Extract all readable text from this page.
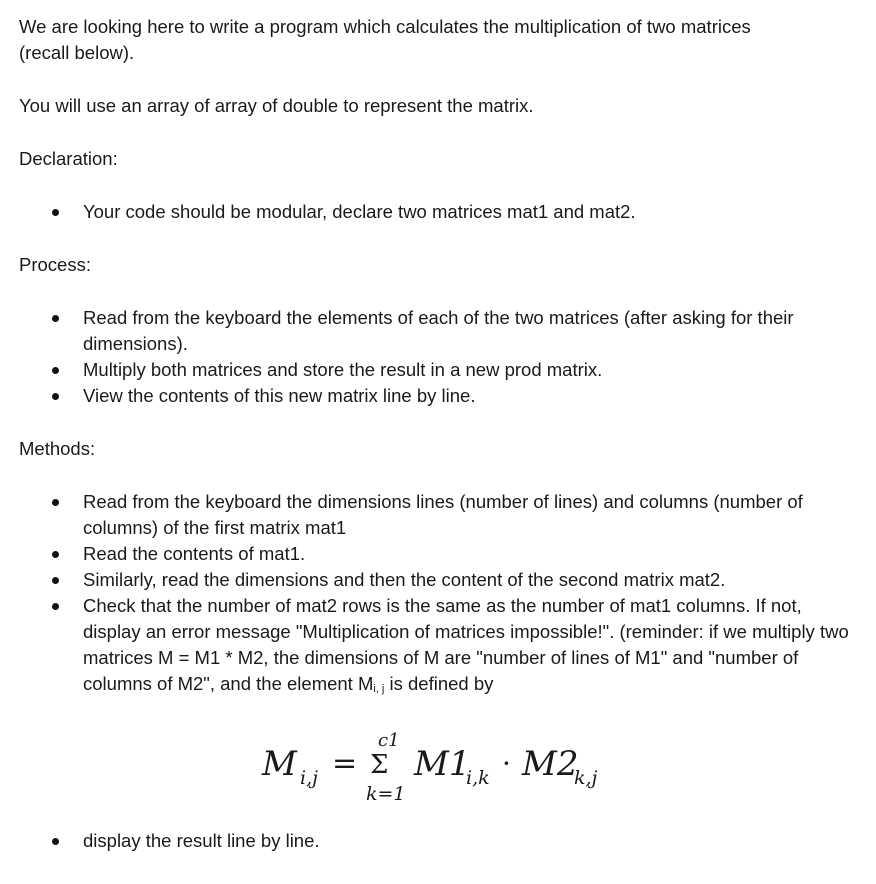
We are looking here to write a program which calculates the multiplication of two matrices

(recall below).

You will use an array of array of double to represent the matrix.

Declaration:

Your code should be modular, declare two matrices mat1 and mat2.

Process:

Read from the keyboard the elements of each of the two matrices (after asking for their dimensions).
Multiply both matrices and store the result in a new prod matrix.
View the contents of this new matrix line by line.

Methods:

Read from the keyboard the dimensions lines (number of lines) and columns (number of columns) of the first matrix mat1
Read the contents of mat1.
Similarly, read the dimensions and then the content of the second matrix mat2.
Check that the number of mat2 rows is the same as the number of mat1 columns. If not, display an error message "Multiplication of matrices impossible!". (reminder: if we multiply two matrices M = M1 * M2, the dimensions of M are "number of lines of M1" and "number of columns of M2", and the element $M_{i, j}$ is defined by
display the result line by line.
M i,j =
c1
Σ
k=1
M1
i,k · M2
k,j
